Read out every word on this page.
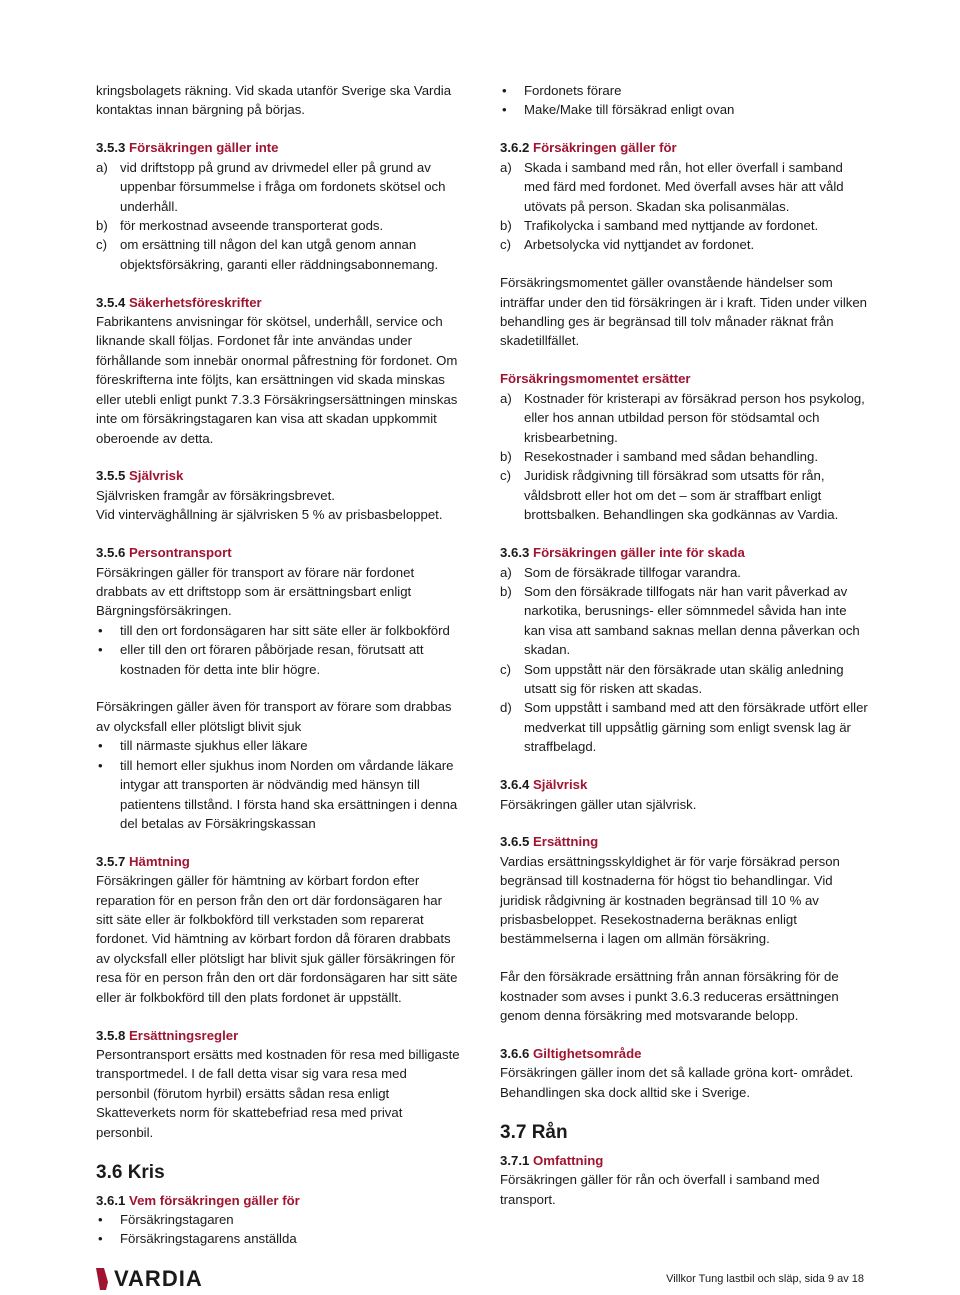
kringsbolagets räkning. Vid skada utanför Sverige ska Vardia kontaktas innan bärgning på börjas.

3.5.3 Försäkringen gäller inte

a) vid driftstopp på grund av drivmedel eller på grund av uppenbar försummelse i fråga om fordonets skötsel och underhåll.
b) för merkostnad avseende transporterat gods.
c) om ersättning till någon del kan utgå genom annan objektsförsäkring, garanti eller räddningsabonnemang.

3.5.4 Säkerhetsföreskrifter

Fabrikantens anvisningar för skötsel, underhåll, service och liknande skall följas. Fordonet får inte användas under förhållande som innebär onormal påfrestning för fordonet. Om föreskrifterna inte följts, kan ersättningen vid skada minskas eller utebli enligt punkt 7.3.3 Försäkringsersättningen minskas inte om försäkringstagaren kan visa att skadan uppkommit oberoende av detta.

3.5.5 Självrisk

Självrisken framgår av försäkringsbrevet.

Vid vinterväghållning är självrisken 5 % av prisbasbeloppet.

3.5.6 Persontransport

Försäkringen gäller för transport av förare när fordonet drabbats av ett driftstopp som är ersättningsbart enligt Bärgningsförsäkringen.

• till den ort fordonsägaren har sitt säte eller är folkbokförd
• eller till den ort föraren påbörjade resan, förutsatt att kostnaden för detta inte blir högre.

Försäkringen gäller även för transport av förare som drabbas av olycksfall eller plötsligt blivit sjuk

• till närmaste sjukhus eller läkare
• till hemort eller sjukhus inom Norden om vårdande läkare intygar att transporten är nödvändig med hänsyn till patientens tillstånd. I första hand ska ersättningen i denna del betalas av Försäkringskassan

3.5.7 Hämtning

Försäkringen gäller för hämtning av körbart fordon efter reparation för en person från den ort där fordonsägaren har sitt säte eller är folkbokförd till verkstaden som reparerat fordonet. Vid hämtning av körbart fordon då föraren drabbats av olycksfall eller plötsligt har blivit sjuk gäller försäkringen för resa för en person från den ort där fordonsägaren har sitt säte eller är folkbokförd till den plats fordonet är uppställt.

3.5.8 Ersättningsregler

Persontransport ersätts med kostnaden för resa med billigaste transportmedel. I de fall detta visar sig vara resa med personbil (förutom hyrbil) ersätts sådan resa enligt Skatteverkets norm för skattebefriad resa med privat personbil.

3.6 Kris

3.6.1 Vem försäkringen gäller för

• Försäkringstagaren
• Försäkringstagarens anställda
• Fordonets förare
• Make/Make till försäkrad enligt ovan

3.6.2 Försäkringen gäller för

a) Skada i samband med rån, hot eller överfall i samband med färd med fordonet. Med överfall avses här att våld utövats på person. Skadan ska polisanmälas.
b) Trafikolycka i samband med nyttjande av fordonet.
c) Arbetsolycka vid nyttjandet av fordonet.

Försäkringsmomentet gäller ovanstående händelser som inträffar under den tid försäkringen är i kraft. Tiden under vilken behandling ges är begränsad till tolv månader räknat från skadetillfället.

Försäkringsmomentet ersätter

a) Kostnader för kristerapi av försäkrad person hos psykolog, eller hos annan utbildad person för stödsamtal och krisbearbetning.
b) Resekostnader i samband med sådan behandling.
c) Juridisk rådgivning till försäkrad som utsatts för rån, våldsbrott eller hot om det – som är straffbart enligt brottsbalken. Behandlingen ska godkännas av Vardia.

3.6.3 Försäkringen gäller inte för skada

a) Som de försäkrade tillfogar varandra.
b) Som den försäkrade tillfogats när han varit påverkad av narkotika, berusnings- eller sömnmedel såvida han inte kan visa att samband saknas mellan denna påverkan och skadan.
c) Som uppstått när den försäkrade utan skälig anledning utsatt sig för risken att skadas.
d) Som uppstått i samband med att den försäkrade utfört eller medverkat till uppsåtlig gärning som enligt svensk lag är straffbelagd.

3.6.4 Självrisk

Försäkringen gäller utan självrisk.

3.6.5 Ersättning

Vardias ersättningsskyldighet är för varje försäkrad person begränsad till kostnaderna för högst tio behandlingar. Vid juridisk rådgivning är kostnaden begränsad till 10 % av prisbasbeloppet. Resekostnaderna beräknas enligt bestämmelserna i lagen om allmän försäkring.

Får den försäkrade ersättning från annan försäkring för de kostnader som avses i punkt 3.6.3 reduceras ersättningen genom denna försäkring med motsvarande belopp.

3.6.6 Giltighetsområde

Försäkringen gäller inom det så kallade gröna kort- området. Behandlingen ska dock alltid ske i Sverige.

3.7 Rån

3.7.1 Omfattning

Försäkringen gäller för rån och överfall i samband med transport.

VARDIA	Villkor Tung lastbil och släp, sida 9 av 18
